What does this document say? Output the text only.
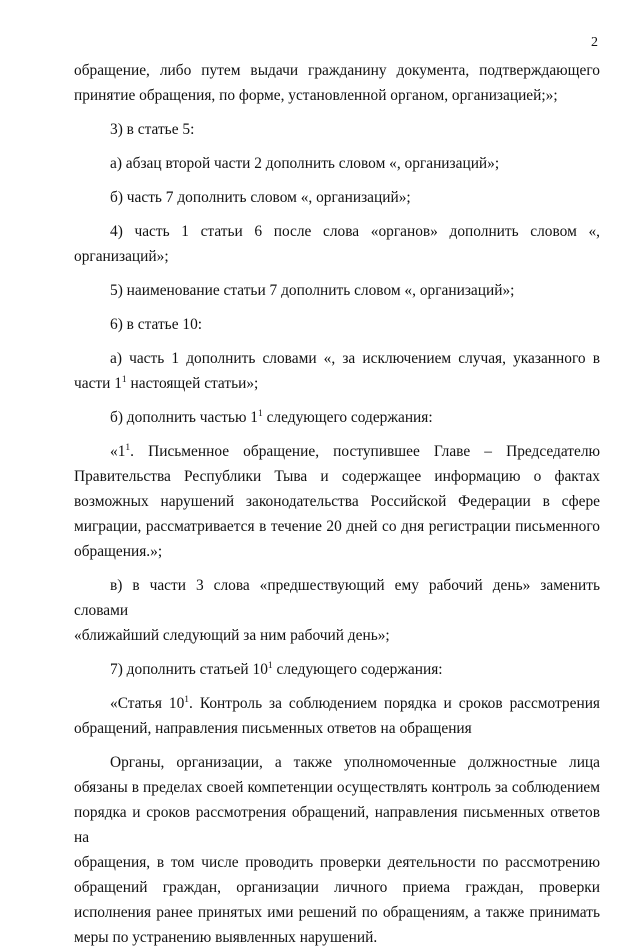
2

обращение, либо путем выдачи гражданину документа, подтверждающего
принятие обращения, по форме, установленной органом, организацией;»;

3) в статье 5:

а) абзац второй части 2 дополнить словом «, организаций»;

б) часть 7 дополнить словом «, организаций»;

4) часть 1 статьи 6 после слова «органов» дополнить словом «,
организаций»;

5) наименование статьи 7 дополнить словом «, организаций»;

6) в статье 10:

а) часть 1 дополнить словами «, за исключением случая, указанного в
части $1^1$ настоящей статьи»;

б) дополнить частью $1^1$ следующего содержания:

«$1^1$. Письменное обращение, поступившее Главе – Председателю
Правительства Республики Тыва и содержащее информацию о фактах
возможных нарушений законодательства Российской Федерации в сфере
миграции, рассматривается в течение 20 дней со дня регистрации письменного
обращения.»;

в) в части 3 слова «предшествующий ему рабочий день» заменить словами
«ближайший следующий за ним рабочий день»;

7) дополнить статьей $10^1$ следующего содержания:

«Статья $10^1$. Контроль за соблюдением порядка и сроков рассмотрения
обращений, направления письменных ответов на обращения

Органы, организации, а также уполномоченные должностные лица
обязаны в пределах своей компетенции осуществлять контроль за соблюдением
порядка и сроков рассмотрения обращений, направления письменных ответов на
обращения, в том числе проводить проверки деятельности по рассмотрению
обращений граждан, организации личного приема граждан, проверки
исполнения ранее принятых ими решений по обращениям, а также принимать
меры по устранению выявленных нарушений.
